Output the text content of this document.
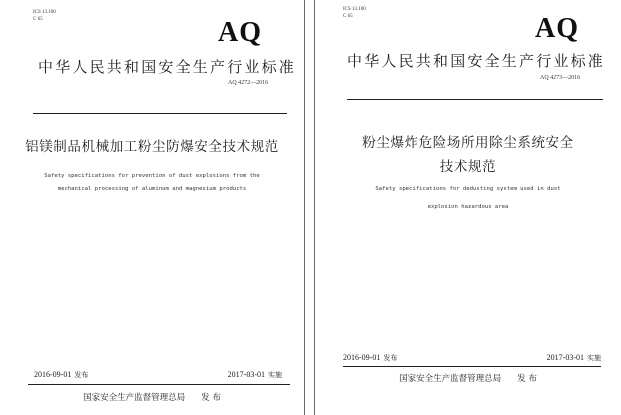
ICS 13.100
C 65	AQ
中华人民共和国安全生产行业标准
AQ 4272—2016
铝镁制品机械加工粉尘防爆安全技术规范
Safety specifications for prevention of dust explosions from the
mechanical processing of aluminum and magnesium products
2016-09-01 发布	2017-03-01 实施
国家安全生产监督管理总局 发 布
ICS 13.100
C 65	AQ
中华人民共和国安全生产行业标准
AQ 4273—2016
粉尘爆炸危险场所用除尘系统安全
技术规范
Safety specifications for dedusting system used in dust
explosion hazardous area
2016-09-01 发布	2017-03-01 实施
国家安全生产监督管理总局 发 布
